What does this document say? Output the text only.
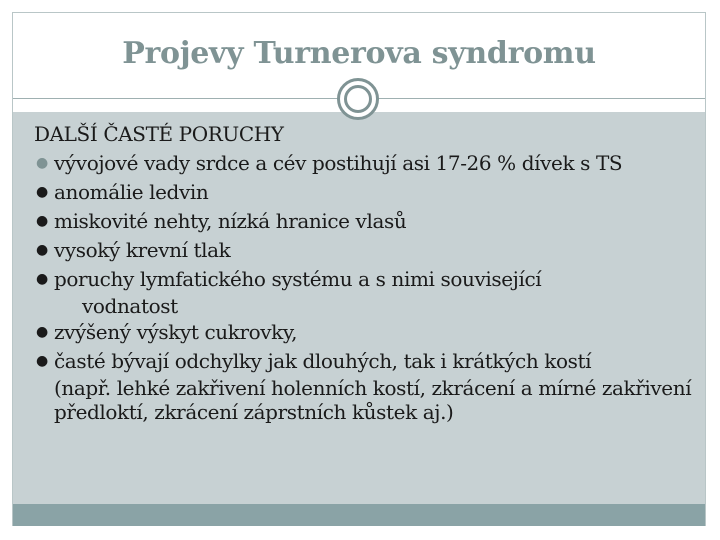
Projevy Turnerova syndromu

DALŠÍ ČASTÉ PORUCHY

● vývojové vady srdce a cév postihují asi 17-26 % dívek s TS
● anomálie ledvin
● miskovité nehty, nízká hranice vlasů
● vysoký krevní tlak
● poruchy lymfatického systému a s nimi související
vodnatost
● zvýšený výskyt cukrovky,
● časté bývají odchylky jak dlouhých, tak i krátkých kostí
(např. lehké zakřivení holenních kostí, zkrácení a mírné zakřivení předloktí, zkrácení záprstních kůstek aj.)
